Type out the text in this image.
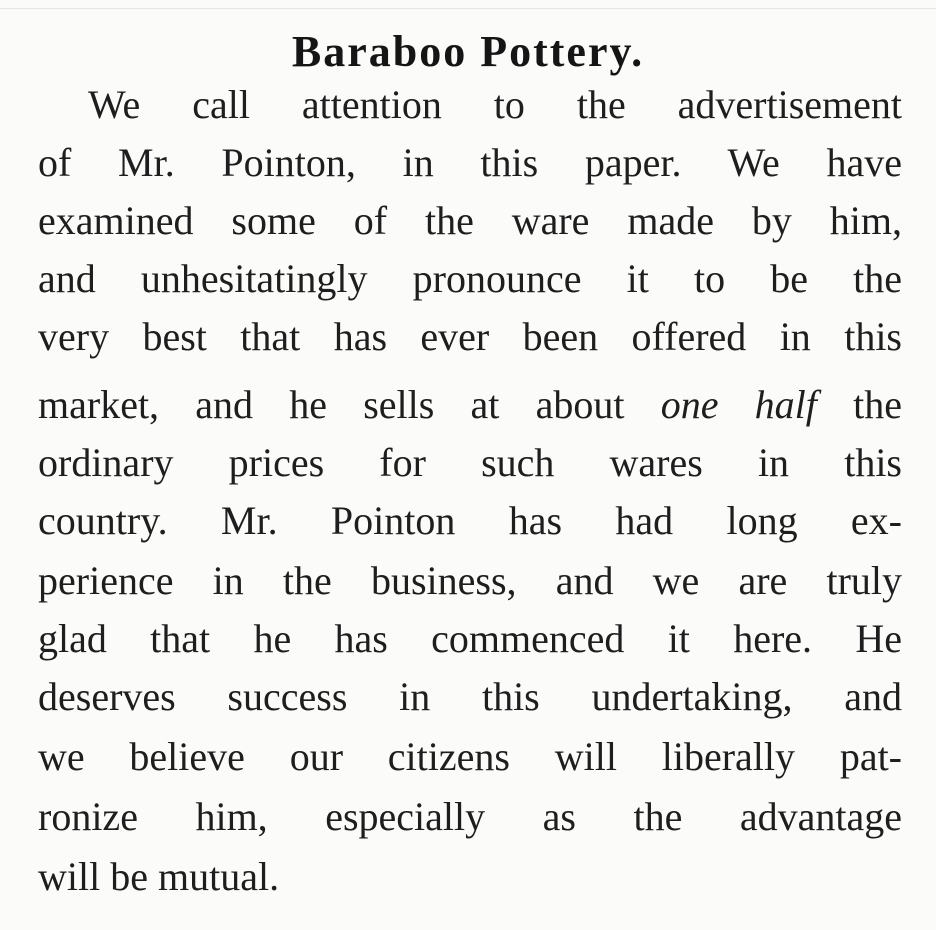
Baraboo Pottery.
We call attention to the advertisement
of Mr. Pointon, in this paper. We have
examined some of the ware made by him,
and unhesitatingly pronounce it to be the
very best that has ever been offered in this
market, and he sells at about one half the
ordinary prices for such wares in this
country. Mr. Pointon has had long ex-
perience in the business, and we are truly
glad that he has commenced it here. He
deserves success in this undertaking, and
we believe our citizens will liberally pat-
ronize him, especially as the advantage
will be mutual.
